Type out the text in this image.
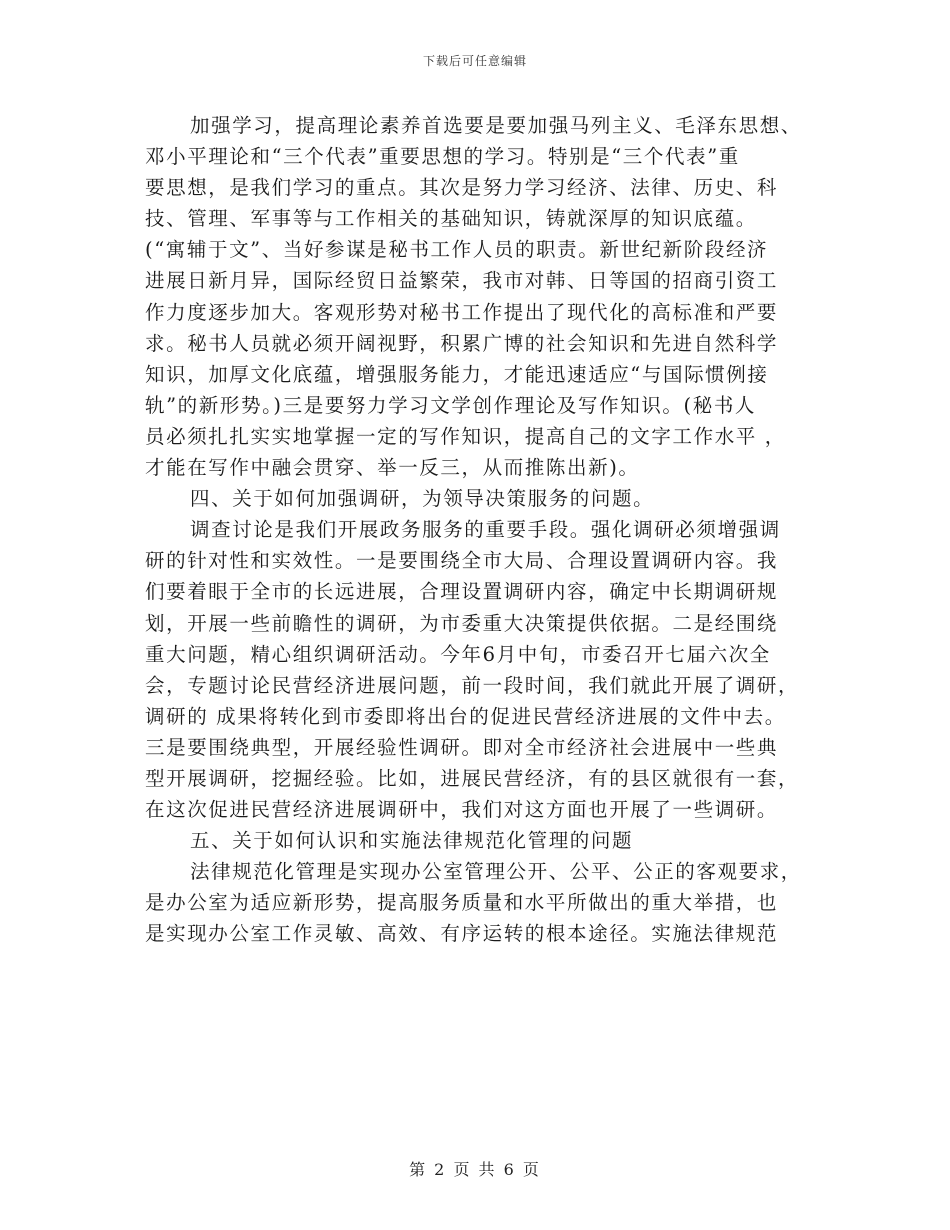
下载后可任意编辑
加强学习，提高理论素养首选要是要加强马列主义、毛泽东思想、
邓小平理论和“三个代表”重要思想的学习。特别是“三个代表”重
要思想，是我们学习的重点。其次是努力学习经济、法律、历史、科
技、管理、军事等与工作相关的基础知识，铸就深厚的知识底蕴。
(“寓辅于文”、当好参谋是秘书工作人员的职责。新世纪新阶段经济
进展日新月异，国际经贸日益繁荣，我市对韩、日等国的招商引资工
作力度逐步加大。客观形势对秘书工作提出了现代化的高标准和严要
求。秘书人员就必须开阔视野，积累广博的社会知识和先进自然科学
知识，加厚文化底蕴，增强服务能力，才能迅速适应“与国际惯例接
轨”的新形势。)三是要努力学习文学创作理论及写作知识。(秘书人
员必须扎扎实实地掌握一定的写作知识，提高自己的文字工作水平 ，
才能在写作中融会贯穿、举一反三，从而推陈出新)。
四、关于如何加强调研，为领导决策服务的问题。
调查讨论是我们开展政务服务的重要手段。强化调研必须增强调
研的针对性和实效性。一是要围绕全市大局、合理设置调研内容。我
们要着眼于全市的长远进展，合理设置调研内容，确定中长期调研规
划，开展一些前瞻性的调研，为市委重大决策提供依据。二是经围绕
重大问题，精心组织调研活动。今年6月中旬，市委召开七届六次全
会，专题讨论民营经济进展问题，前一段时间，我们就此开展了调研，
调研的 成果将转化到市委即将出台的促进民营经济进展的文件中去。
三是要围绕典型，开展经验性调研。即对全市经济社会进展中一些典
型开展调研，挖掘经验。比如，进展民营经济，有的县区就很有一套，
在这次促进民营经济进展调研中，我们对这方面也开展了一些调研。
五、关于如何认识和实施法律规范化管理的问题
法律规范化管理是实现办公室管理公开、公平、公正的客观要求，
是办公室为适应新形势，提高服务质量和水平所做出的重大举措，也
是实现办公室工作灵敏、高效、有序运转的根本途径。实施法律规范
第 2 页 共 6 页
